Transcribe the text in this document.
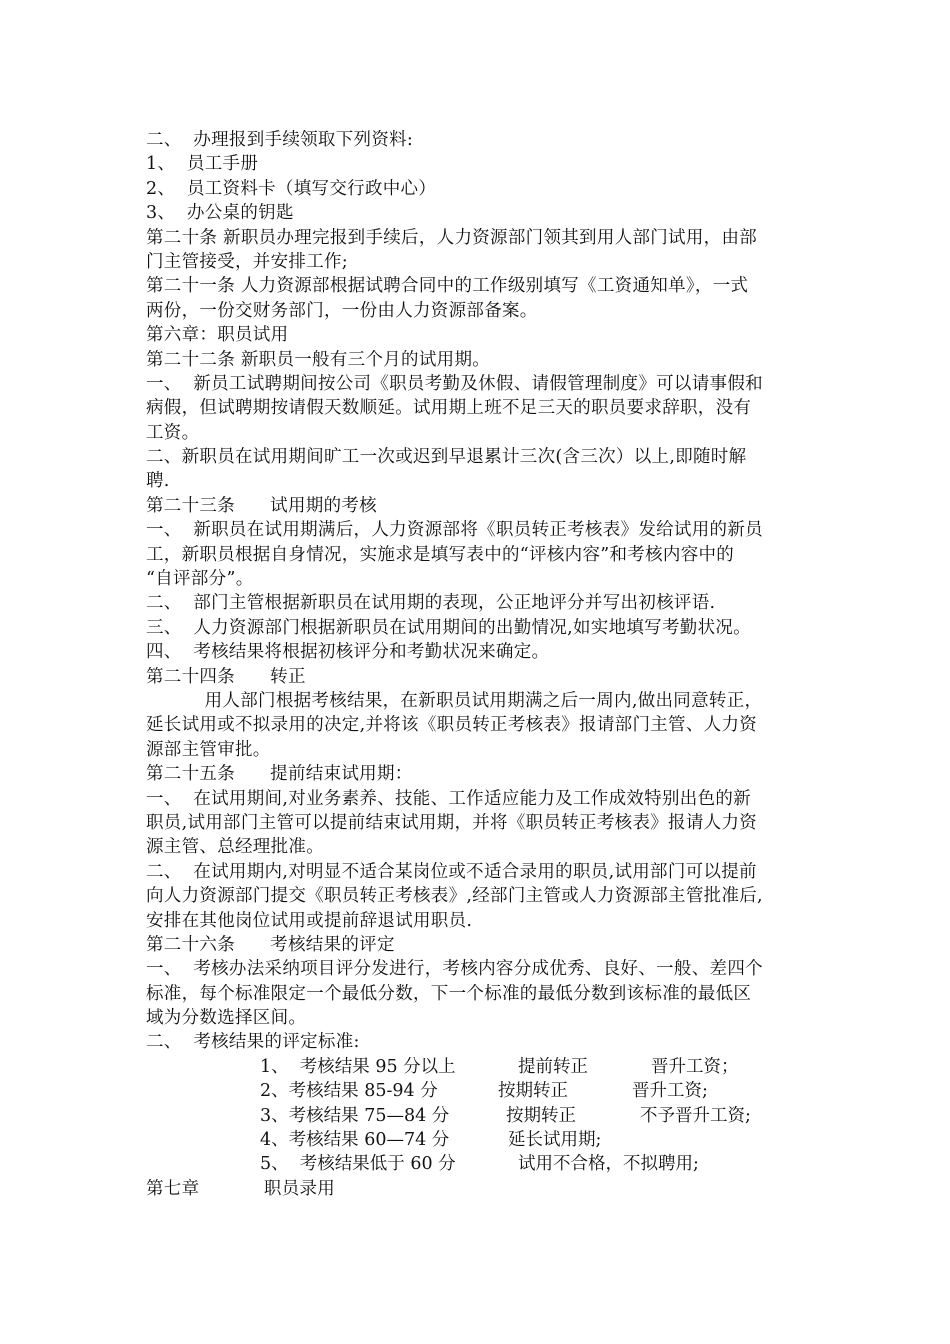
二、  办理报到手续领取下列资料:
1、  员工手册
2、  员工资料卡（填写交行政中心）
3、  办公桌的钥匙
第二十条 新职员办理完报到手续后，人力资源部门领其到用人部门试用，由部
门主管接受，并安排工作;
第二十一条 人力资源部根据试聘合同中的工作级别填写《工资通知单》，一式
两份，一份交财务部门，一份由人力资源部备案。
第六章：职员试用
第二十二条 新职员一般有三个月的试用期。
一、  新员工试聘期间按公司《职员考勤及休假、请假管理制度》可以请事假和
病假，但试聘期按请假天数顺延。试用期上班不足三天的职员要求辞职，没有
工资。
二、新职员在试用期间旷工一次或迟到早退累计三次(含三次）以上,即随时解
聘.
第二十三条      试用期的考核
一、  新职员在试用期满后，人力资源部将《职员转正考核表》发给试用的新员
工，新职员根据自身情况，实施求是填写表中的“评核内容”和考核内容中的
“自评部分”。
二、  部门主管根据新职员在试用期的表现，公正地评分并写出初核评语.
三、  人力资源部门根据新职员在试用期间的出勤情况,如实地填写考勤状况。
四、  考核结果将根据初核评分和考勤状况来确定。
第二十四条      转正
用人部门根据考核结果，在新职员试用期满之后一周内,做出同意转正，
延长试用或不拟录用的决定,并将该《职员转正考核表》报请部门主管、人力资
源部主管审批。
第二十五条      提前结束试用期：
一、  在试用期间,对业务素养、技能、工作适应能力及工作成效特别出色的新
职员,试用部门主管可以提前结束试用期，并将《职员转正考核表》报请人力资
源主管、总经理批准。
二、  在试用期内,对明显不适合某岗位或不适合录用的职员,试用部门可以提前
向人力资源部门提交《职员转正考核表》,经部门主管或人力资源部主管批准后,
安排在其他岗位试用或提前辞退试用职员.
第二十六条      考核结果的评定
一、  考核办法采纳项目评分发进行，考核内容分成优秀、良好、一般、差四个
标准，每个标准限定一个最低分数，下一个标准的最低分数到该标准的最低区
域为分数选择区间。
二、  考核结果的评定标准:
1、  考核结果 95 分以上	提前转正	晋升工资；
2、考核结果 85-94 分	按期转正	晋升工资;
3、考核结果 75—84 分	按期转正	不予晋升工资;
4、考核结果 60—74 分	延长试用期;
5、  考核结果低于 60 分	试用不合格，不拟聘用;
第七章           职员录用
